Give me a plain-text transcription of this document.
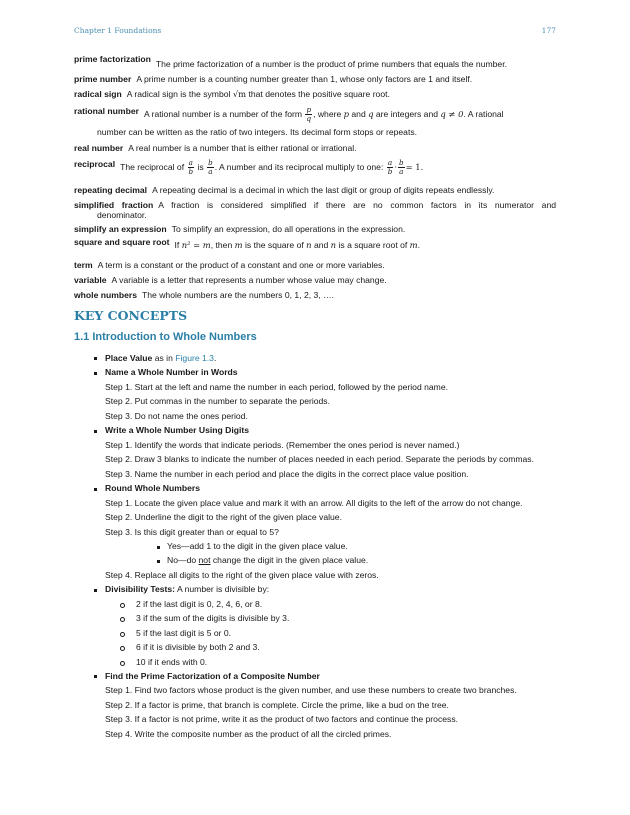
Chapter 1 Foundations	177
prime factorization The prime factorization of a number is the product of prime numbers that equals the number.
prime number A prime number is a counting number greater than 1, whose only factors are 1 and itself.
radical sign A radical sign is the symbol √m that denotes the positive square root.
rational number A rational number is a number of the form $\frac{p}{q}$ , where p and q are integers and q ≠ 0. A rational
number can be written as the ratio of two integers. Its decimal form stops or repeats.
real number A real number is a number that is either rational or irrational.
reciprocal The reciprocal of $\frac{a}{b}$ is $\frac{b}{a}$ . A number and its reciprocal multiply to one: $\frac{a}{b} \cdot \frac{b}{a} = 1$.
repeating decimal A repeating decimal is a decimal in which the last digit or group of digits repeats endlessly.
simplified fraction A fraction is considered simplified if there are no common factors in its numerator and
denominator.
simplify an expression To simplify an expression, do all operations in the expression.
square and square root If n² = m, then m is the square of n and n is a square root of m.
term A term is a constant or the product of a constant and one or more variables.
variable A variable is a letter that represents a number whose value may change.
whole numbers The whole numbers are the numbers 0, 1, 2, 3, ….
KEY CONCEPTS
1.1 Introduction to Whole Numbers
Place Value as in Figure 1.3.
Name a Whole Number in Words
Step 1. Start at the left and name the number in each period, followed by the period name.
Step 2. Put commas in the number to separate the periods.
Step 3. Do not name the ones period.
Write a Whole Number Using Digits
Step 1. Identify the words that indicate periods. (Remember the ones period is never named.)
Step 2. Draw 3 blanks to indicate the number of places needed in each period. Separate the periods by commas.
Step 3. Name the number in each period and place the digits in the correct place value position.
Round Whole Numbers
Step 1. Locate the given place value and mark it with an arrow. All digits to the left of the arrow do not change.
Step 2. Underline the digit to the right of the given place value.
Step 3. Is this digit greater than or equal to 5?
Yes—add 1 to the digit in the given place value.
No—do not change the digit in the given place value.
Step 4. Replace all digits to the right of the given place value with zeros.
Divisibility Tests: A number is divisible by:
2 if the last digit is 0, 2, 4, 6, or 8.
3 if the sum of the digits is divisible by 3.
5 if the last digit is 5 or 0.
6 if it is divisible by both 2 and 3.
10 if it ends with 0.
Find the Prime Factorization of a Composite Number
Step 1. Find two factors whose product is the given number, and use these numbers to create two branches.
Step 2. If a factor is prime, that branch is complete. Circle the prime, like a bud on the tree.
Step 3. If a factor is not prime, write it as the product of two factors and continue the process.
Step 4. Write the composite number as the product of all the circled primes.
